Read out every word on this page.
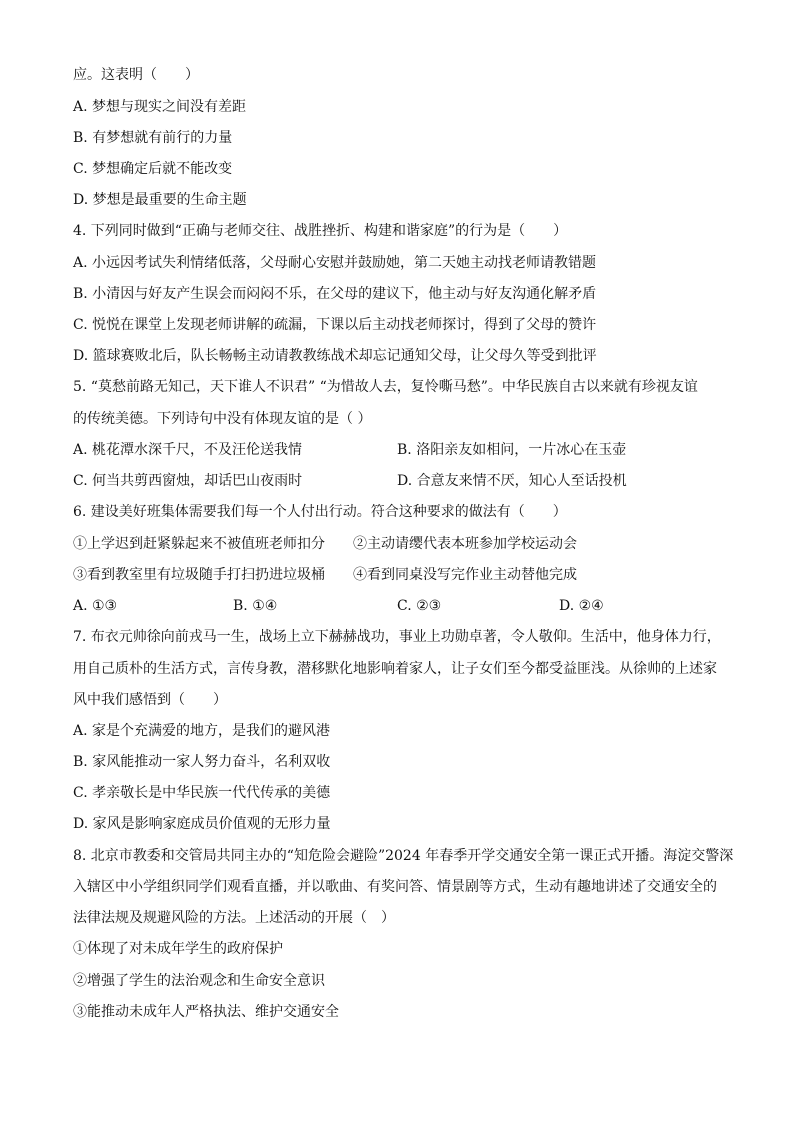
应。这表明（　　）
A. 梦想与现实之间没有差距
B. 有梦想就有前行的力量
C. 梦想确定后就不能改变
D. 梦想是最重要的生命主题
4. 下列同时做到“正确与老师交往、战胜挫折、构建和谐家庭”的行为是（　　）
A. 小远因考试失利情绪低落，父母耐心安慰并鼓励她，第二天她主动找老师请教错题
B. 小清因与好友产生误会而闷闷不乐，在父母的建议下，他主动与好友沟通化解矛盾
C. 悦悦在课堂上发现老师讲解的疏漏，下课以后主动找老师探讨，得到了父母的赞许
D. 篮球赛败北后，队长畅畅主动请教教练战术却忘记通知父母，让父母久等受到批评
5. “莫愁前路无知己，天下谁人不识君” “为惜故人去，复怜嘶马愁”。中华民族自古以来就有珍视友谊
的传统美德。下列诗句中没有体现友谊的是（ ）
A. 桃花潭水深千尺，不及汪伦送我情	B. 洛阳亲友如相问，一片冰心在玉壶
C. 何当共剪西窗烛，却话巴山夜雨时	D. 合意友来情不厌，知心人至话投机
6. 建设美好班集体需要我们每一个人付出行动。符合这种要求的做法有（　　）
①上学迟到赶紧躲起来不被值班老师扣分 ②主动请缨代表本班参加学校运动会
③看到教室里有垃圾随手打扫扔进垃圾桶 ④看到同桌没写完作业主动替他完成
A. ①③	B. ①④	C. ②③	D. ②④
7. 布衣元帅徐向前戎马一生，战场上立下赫赫战功，事业上功勋卓著，令人敬仰。生活中，他身体力行，
用自己质朴的生活方式，言传身教，潜移默化地影响着家人，让子女们至今都受益匪浅。从徐帅的上述家
风中我们感悟到（　　）
A. 家是个充满爱的地方，是我们的避风港
B. 家风能推动一家人努力奋斗，名利双收
C. 孝亲敬长是中华民族一代代传承的美德
D. 家风是影响家庭成员价值观的无形力量
8. 北京市教委和交管局共同主办的“知危险会避险”2024 年春季开学交通安全第一课正式开播。海淀交警深
入辖区中小学组织同学们观看直播，并以歌曲、有奖问答、情景剧等方式，生动有趣地讲述了交通安全的
法律法规及规避风险的方法。上述活动的开展（　）
①体现了对未成年学生的政府保护
②增强了学生的法治观念和生命安全意识
③能推动未成年人严格执法、维护交通安全
